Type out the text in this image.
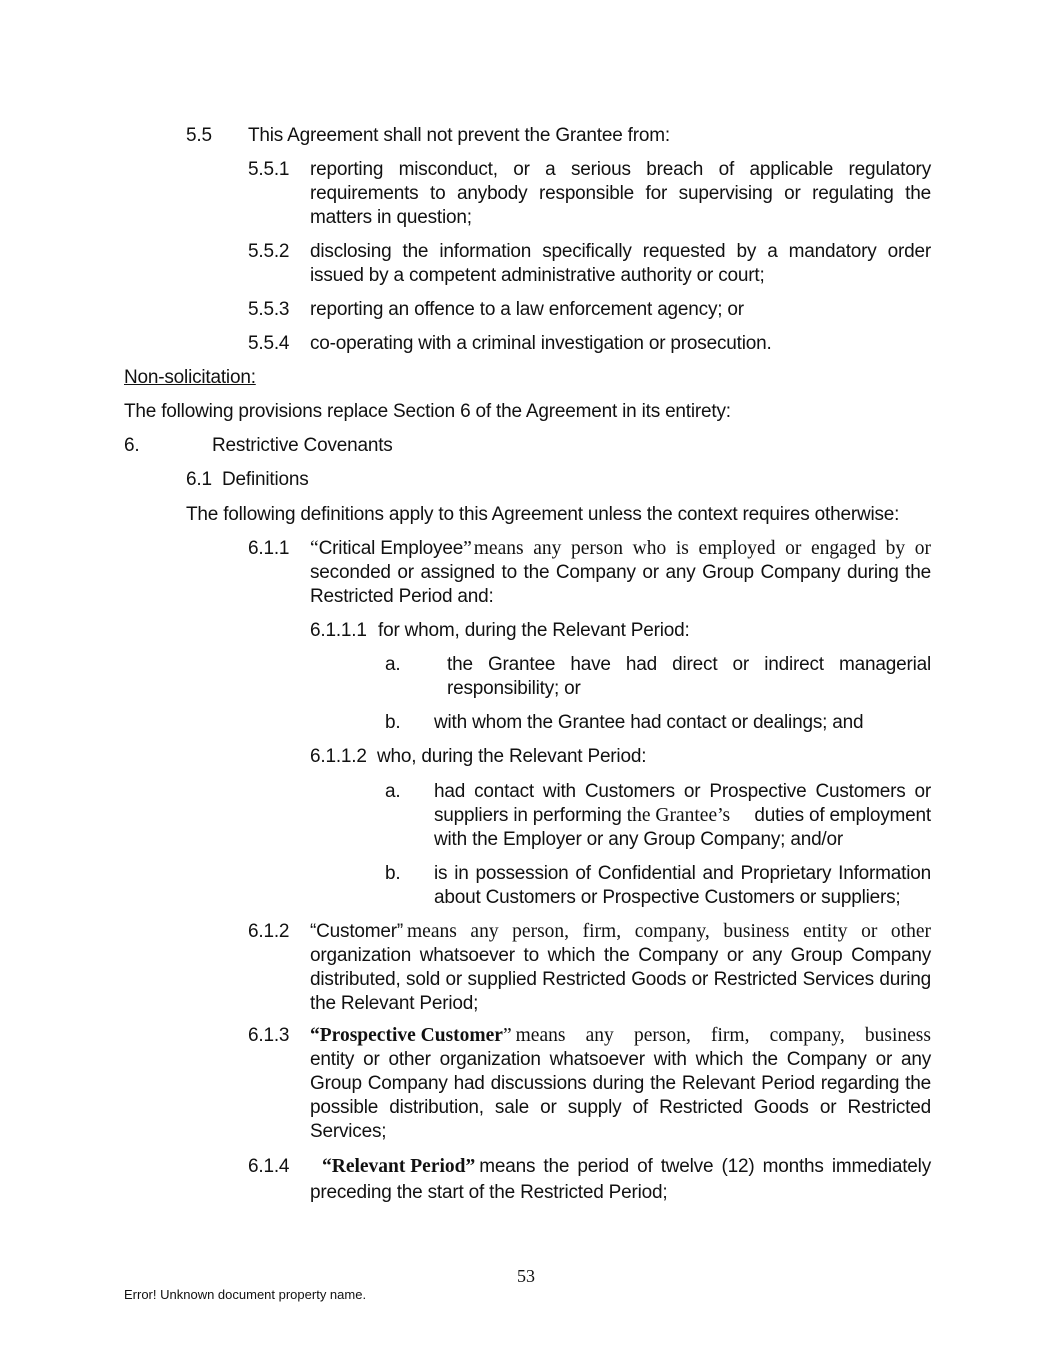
5.5 This Agreement shall not prevent the Grantee from:
5.5.1 reporting misconduct, or a serious breach of applicable regulatory
requirements to anybody responsible for supervising or regulating the
matters in question;
5.5.2 disclosing the information specifically requested by a mandatory order
issued by a competent administrative authority or court;
5.5.3 reporting an offence to a law enforcement agency; or
5.5.4 co-operating with a criminal investigation or prosecution.
Non-solicitation:
The following provisions replace Section 6 of the Agreement in its entirety:
6.	Restrictive Covenants
6.1 Definitions
The following definitions apply to this Agreement unless the context requires otherwise:
6.1.1 “Critical Employee” means any person who is employed or engaged by or
seconded or assigned to the Company or any Group Company during the
Restricted Period and:
6.1.1.1 for whom, during the Relevant Period:
a. the Grantee have had direct or indirect managerial
responsibility; or
b. with whom the Grantee had contact or dealings; and
6.1.1.2 who, during the Relevant Period:
a. had contact with Customers or Prospective Customers or
suppliers in performing the Grantee’s	duties of employment
with the Employer or any Group Company; and/or
b. is in possession of Confidential and Proprietary Information
about Customers or Prospective Customers or suppliers;
6.1.2 “Customer” means any person, firm, company, business entity or other
organization whatsoever to which the Company or any Group Company
distributed, sold or supplied Restricted Goods or Restricted Services during
the Relevant Period;
6.1.3 “Prospective Customer ” means any person, firm, company, business
entity or other organization whatsoever with which the Company or any
Group Company had discussions during the Relevant Period regarding the
possible distribution, sale or supply of Restricted Goods or Restricted
Services;
6.1.4 “Relevant Period” means the period of twelve (12) months immediately
preceding the start of the Restricted Period;
53
Error! Unknown document property name.
